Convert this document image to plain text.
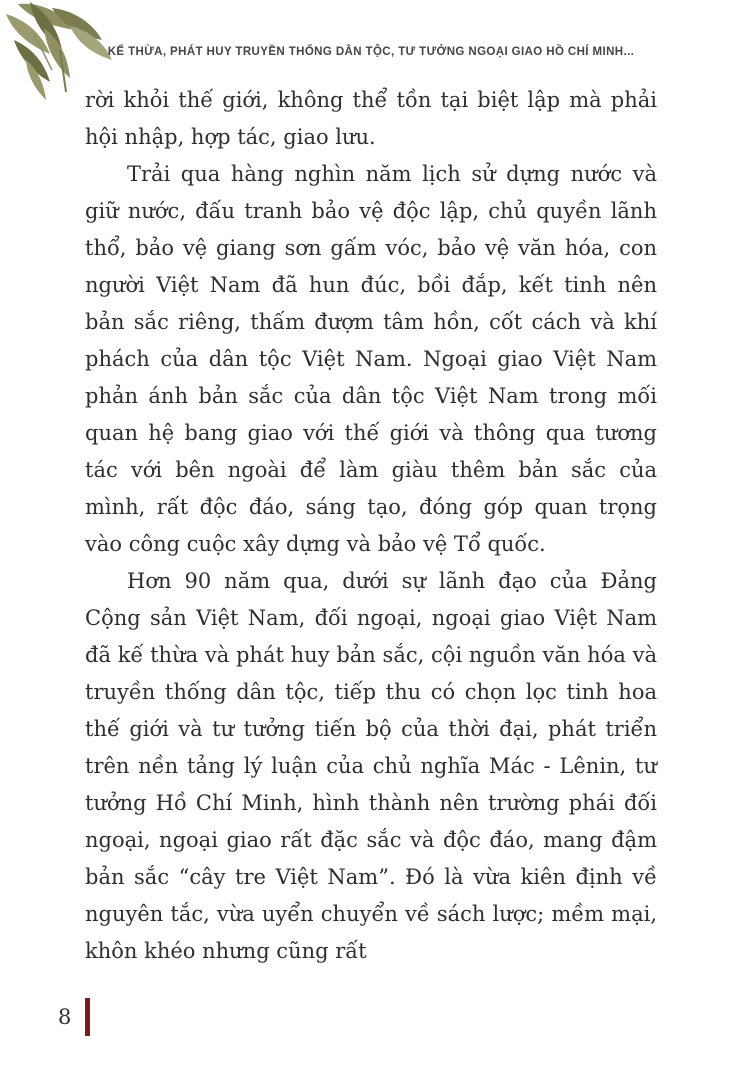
KẾ THỪA, PHÁT HUY TRUYỀN THỐNG DÂN TỘC, TƯ TƯỞNG NGOẠI GIAO HỒ CHÍ MINH...

rời khỏi thế giới, không thể tồn tại biệt lập mà phải hội nhập, hợp tác, giao lưu.

Trải qua hàng nghìn năm lịch sử dựng nước và giữ nước, đấu tranh bảo vệ độc lập, chủ quyền lãnh thổ, bảo vệ giang sơn gấm vóc, bảo vệ văn hóa, con người Việt Nam đã hun đúc, bồi đắp, kết tinh nên bản sắc riêng, thấm đượm tâm hồn, cốt cách và khí phách của dân tộc Việt Nam. Ngoại giao Việt Nam phản ánh bản sắc của dân tộc Việt Nam trong mối quan hệ bang giao với thế giới và thông qua tương tác với bên ngoài để làm giàu thêm bản sắc của mình, rất độc đáo, sáng tạo, đóng góp quan trọng vào công cuộc xây dựng và bảo vệ Tổ quốc.

Hơn 90 năm qua, dưới sự lãnh đạo của Đảng Cộng sản Việt Nam, đối ngoại, ngoại giao Việt Nam đã kế thừa và phát huy bản sắc, cội nguồn văn hóa và truyền thống dân tộc, tiếp thu có chọn lọc tinh hoa thế giới và tư tưởng tiến bộ của thời đại, phát triển trên nền tảng lý luận của chủ nghĩa Mác - Lênin, tư tưởng Hồ Chí Minh, hình thành nên trường phái đối ngoại, ngoại giao rất đặc sắc và độc đáo, mang đậm bản sắc “cây tre Việt Nam”. Đó là vừa kiên định về nguyên tắc, vừa uyển chuyển về sách lược; mềm mại, khôn khéo nhưng cũng rất

8
